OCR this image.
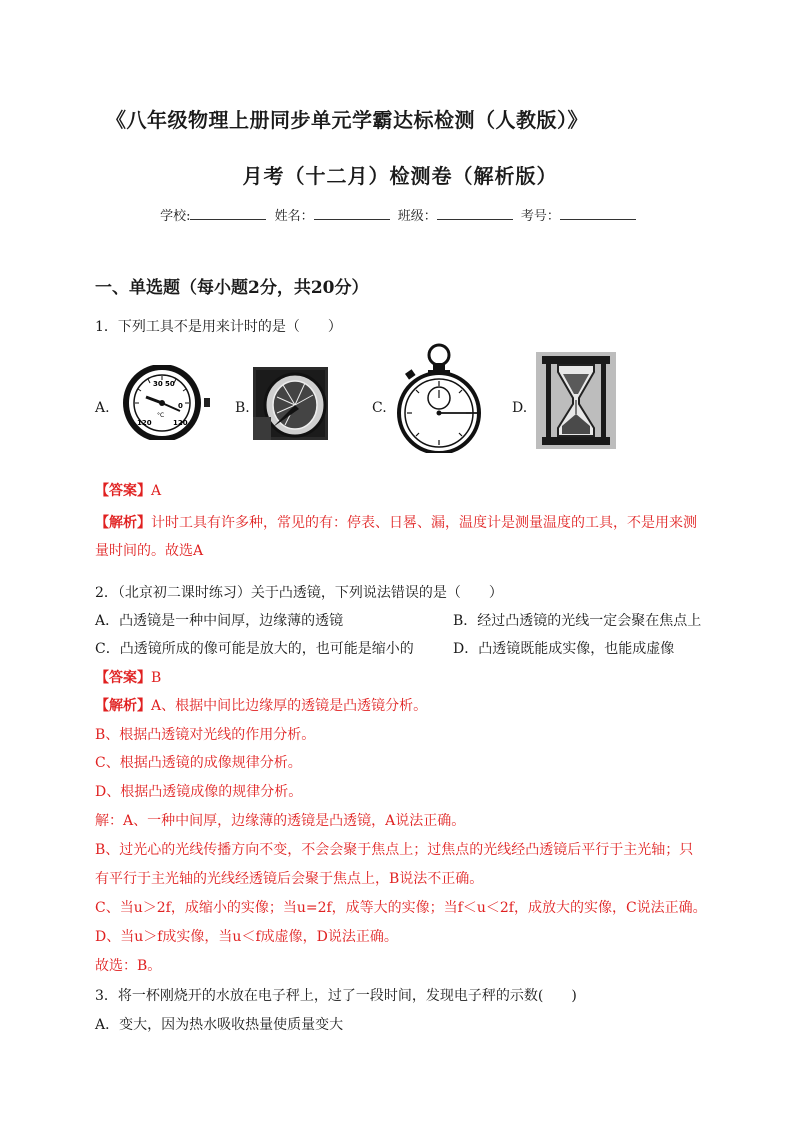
《八年级物理上册同步单元学霸达标检测（人教版）》
月考（十二月）检测卷（解析版）
学校:	姓名：	班级：	考号：
一、单选题（每小题2分，共20分）
1．下列工具不是用来计时的是（　　）
A.
30 50
0
120	120
°C	B.	C.	D.
【答案】A
【解析】计时工具有许多种，常见的有：停表、日晷、漏，温度计是测量温度的工具，不是用来测
量时间的。故选A
2．（北京初二课时练习）关于凸透镜，下列说法错误的是（　　）
A．凸透镜是一种中间厚，边缘薄的透镜	B．经过凸透镜的光线一定会聚在焦点上
C．凸透镜所成的像可能是放大的，也可能是缩小的	D．凸透镜既能成实像，也能成虚像
【答案】B
【解析】A、根据中间比边缘厚的透镜是凸透镜分析。
B、根据凸透镜对光线的作用分析。
C、根据凸透镜的成像规律分析。
D、根据凸透镜成像的规律分析。
解：A、一种中间厚，边缘薄的透镜是凸透镜，A说法正确。
B、过光心的光线传播方向不变，不会会聚于焦点上；过焦点的光线经凸透镜后平行于主光轴；只
有平行于主光轴的光线经透镜后会聚于焦点上，B说法不正确。
C、当u＞2f，成缩小的实像；当u=2f，成等大的实像；当f＜u＜2f，成放大的实像，C说法正确。
D、当u＞f成实像，当u＜f成虚像，D说法正确。
故选：B。
3．将一杯刚烧开的水放在电子秤上，过了一段时间，发现电子秤的示数(　　)
A．变大，因为热水吸收热量使质量变大
